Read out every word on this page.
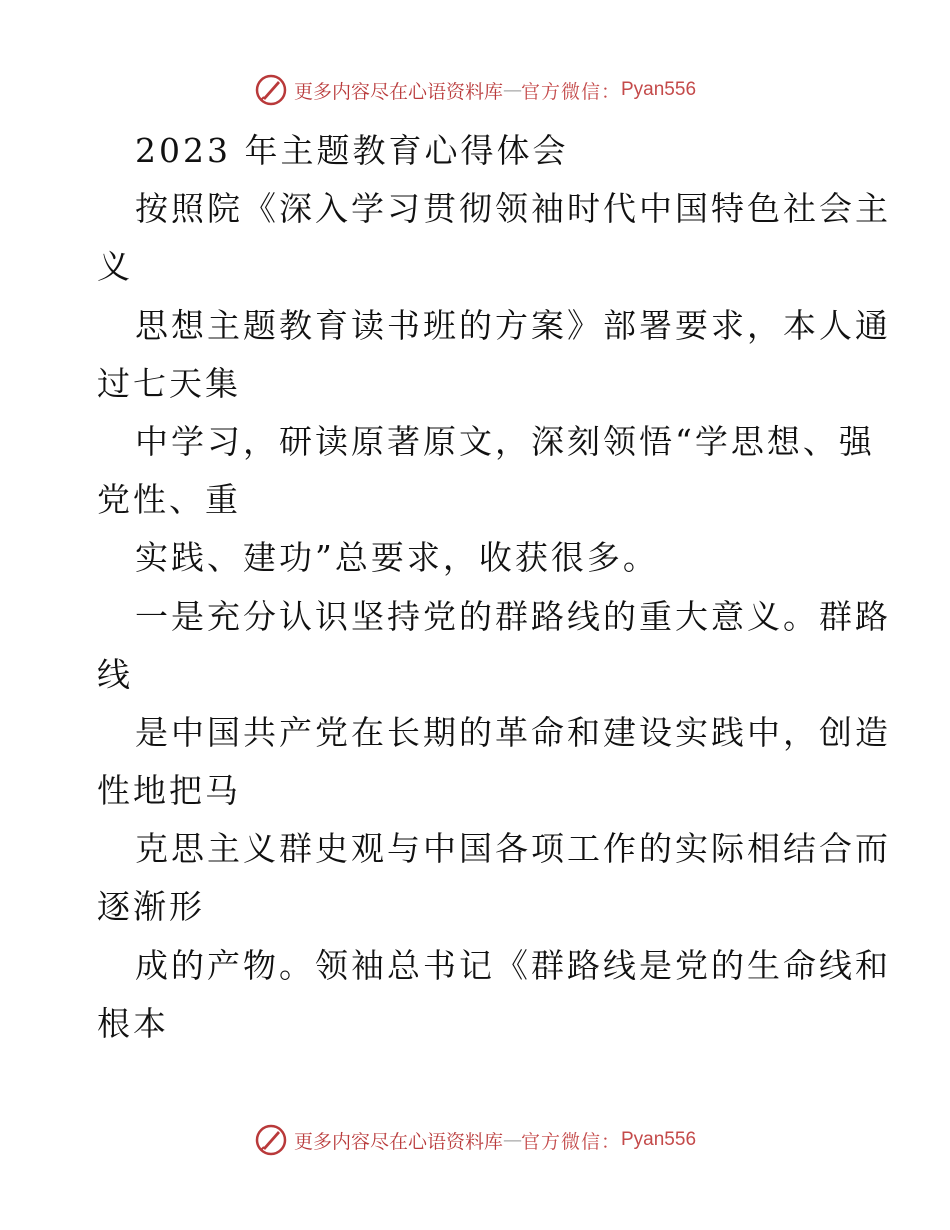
更多内容尽在心语资料库 — 官方微信： Pyan556
2023 年主题教育心得体会
按照院《深入学习贯彻领袖时代中国特色社会主
义
思想主题教育读书班的方案》部署要求，本人通
过七天集
中学习，研读原著原文，深刻领悟“学思想、强
党性、重
实践、建功”总要求，收获很多。
一是充分认识坚持党的群路线的重大意义。群路
线
是中国共产党在长期的革命和建设实践中，创造
性地把马
克思主义群史观与中国各项工作的实际相结合而
逐渐形
成的产物。领袖总书记《群路线是党的生命线和
根本
更多内容尽在心语资料库 — 官方微信： Pyan556
